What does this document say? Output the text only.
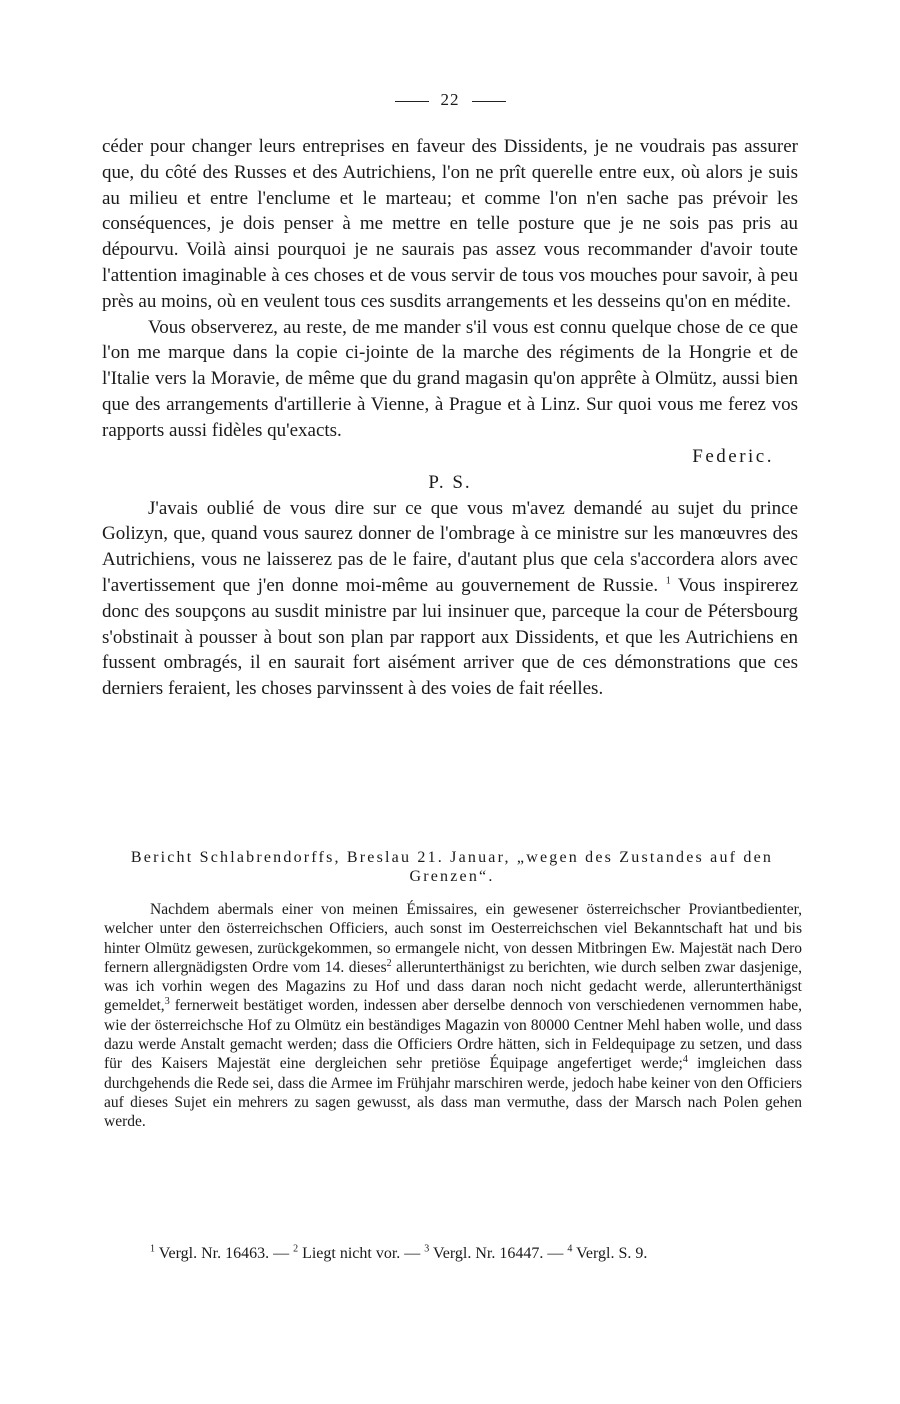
22

céder pour changer leurs entreprises en faveur des Dissidents, je ne voudrais pas assurer que, du côté des Russes et des Autrichiens, l'on ne prît querelle entre eux, où alors je suis au milieu et entre l'enclume et le marteau; et comme l'on n'en sache pas prévoir les conséquences, je dois penser à me mettre en telle posture que je ne sois pas pris au dépourvu. Voilà ainsi pourquoi je ne saurais pas assez vous recommander d'avoir toute l'attention imaginable à ces choses et de vous servir de tous vos mouches pour savoir, à peu près au moins, où en veulent tous ces susdits arrangements et les desseins qu'on en médite.

Vous observerez, au reste, de me mander s'il vous est connu quelque chose de ce que l'on me marque dans la copie ci-jointe de la marche des régiments de la Hongrie et de l'Italie vers la Moravie, de même que du grand magasin qu'on apprête à Olmütz, aussi bien que des arrangements d'artillerie à Vienne, à Prague et à Linz. Sur quoi vous me ferez vos rapports aussi fidèles qu'exacts.

Federic.
P. S.

J'avais oublié de vous dire sur ce que vous m'avez demandé au sujet du prince Golizyn, que, quand vous saurez donner de l'ombrage à ce ministre sur les manœuvres des Autrichiens, vous ne laisserez pas de le faire, d'autant plus que cela s'accordera alors avec l'avertissement que j'en donne moi-même au gouvernement de Russie. $^1$ Vous inspirerez donc des soupçons au susdit ministre par lui insinuer que, parceque la cour de Pétersbourg s'obstinait à pousser à bout son plan par rapport aux Dissidents, et que les Autrichiens en fussent ombragés, il en saurait fort aisément arriver que de ces démonstrations que ces derniers feraient, les choses parvinssent à des voies de fait réelles.

Bericht Schlabrendorffs, Breslau 21. Januar, „wegen des Zustandes auf den Grenzen“.

Nachdem abermals einer von meinen Émissaires, ein gewesener österreichscher Proviantbedienter, welcher unter den österreichschen Officiers, auch sonst im Oesterreichschen viel Bekanntschaft hat und bis hinter Olmütz gewesen, zurückgekommen, so ermangele nicht, von dessen Mitbringen Ew. Majestät nach Dero fernern allergnädigsten Ordre vom 14. dieses$^2$ allerunterthänigst zu berichten, wie durch selben zwar dasjenige, was ich vorhin wegen des Magazins zu Hof und dass daran noch nicht gedacht werde, allerunterthänigst gemeldet,$^3$ fernerweit bestätiget worden, indessen aber derselbe dennoch von verschiedenen vernommen habe, wie der österreichsche Hof zu Olmütz ein beständiges Magazin von 80000 Centner Mehl haben wolle, und dass dazu werde Anstalt gemacht werden; dass die Officiers Ordre hätten, sich in Feldequipage zu setzen, und dass für des Kaisers Majestät eine dergleichen sehr pretiöse Équipage angefertiget werde;$^4$ imgleichen dass durchgehends die Rede sei, dass die Armee im Frühjahr marschiren werde, jedoch habe keiner von den Officiers auf dieses Sujet ein mehrers zu sagen gewusst, als dass man vermuthe, dass der Marsch nach Polen gehen werde.

$^1$ Vergl. Nr. 16463. — $^2$ Liegt nicht vor. — $^3$ Vergl. Nr. 16447. — $^4$ Vergl. S. 9.
